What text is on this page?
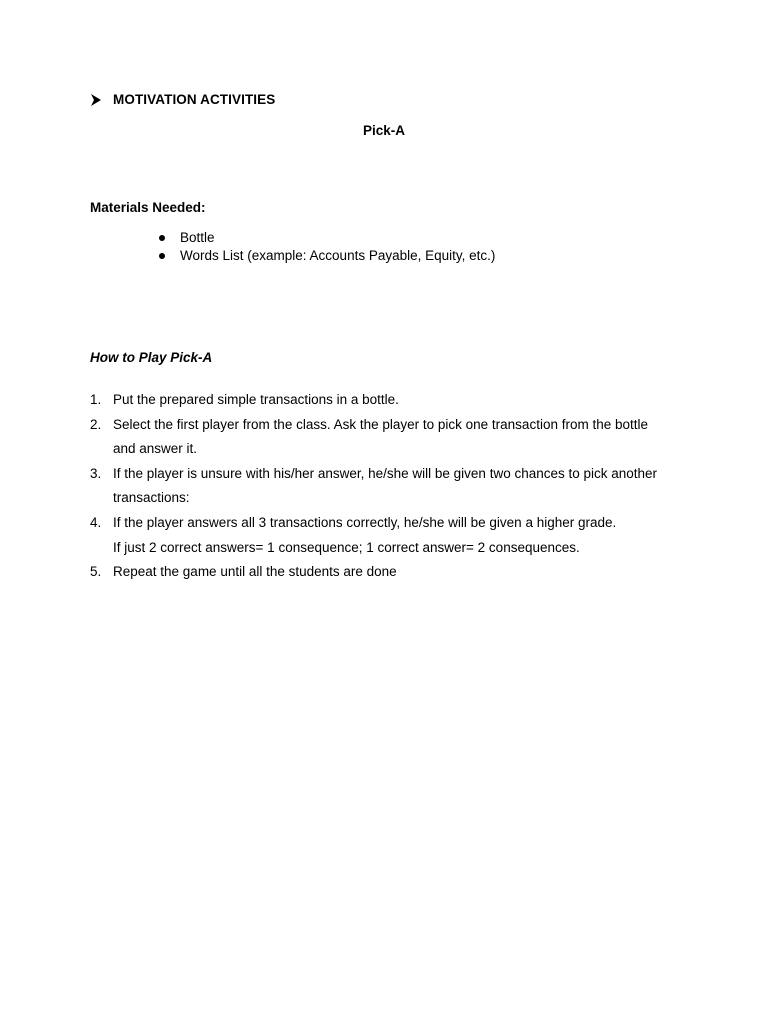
MOTIVATION ACTIVITIES
Pick-A
Materials Needed:
Bottle
Words List (example: Accounts Payable, Equity, etc.)
How to Play Pick-A
1. Put the prepared simple transactions in a bottle.
2. Select the first player from the class. Ask the player to pick one transaction from the bottle
and answer it.
3. If the player is unsure with his/her answer, he/she will be given two chances to pick another
transactions:
4. If the player answers all 3 transactions correctly, he/she will be given a higher grade.
If just 2 correct answers= 1 consequence; 1 correct answer= 2 consequences.
5. Repeat the game until all the students are done
